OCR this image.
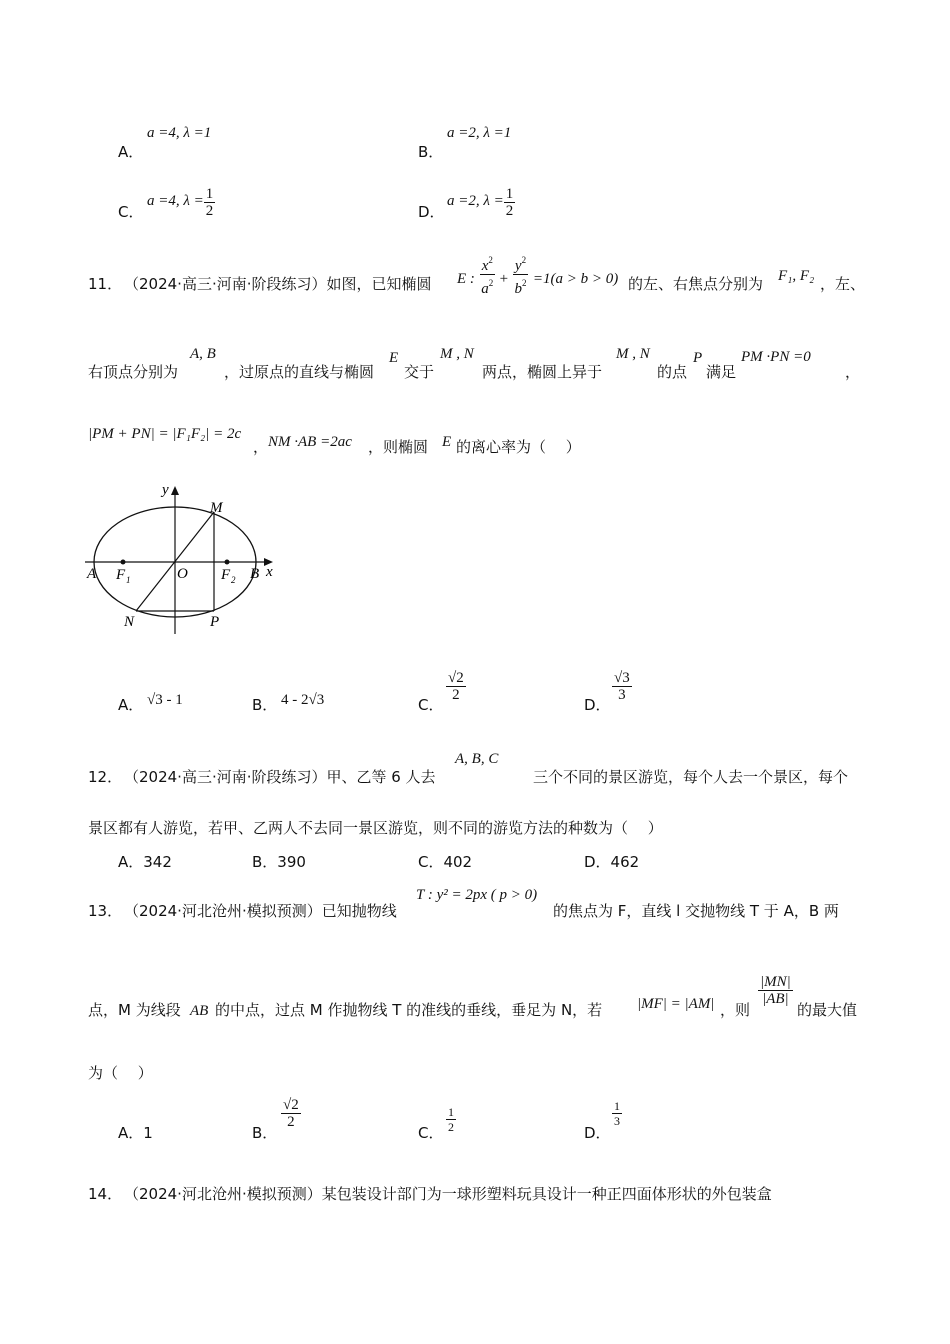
A．
a =4, λ =1
B．
a =2, λ =1
C．
a =4, $\lambda = \frac{1}{2}$	D．
a =2, $\lambda = \frac{1}{2}$
11． （2024·高三·河南·阶段练习）如图，已知椭圆 E : $\frac{x^2}{a^2} + \frac{y^2}{b^2} =1(a > b > 0)$ 的左、右焦点分别为 F₁, F₂ ，左、
右顶点分别为
A, B
，过原点的直线与椭圆
E
交于
M , N
两点，椭圆上异于
M , N
的点
P
满足
PM ·PN =0
，
|PM + PN| = |F₁F₂| = 2c
， NM ·AB =2ac ，则椭圆 E 的离心率为（　 ）
y
x
M
N	P
A	B
O
F 1	F 2
A． √3 - 1	B． 4 - 2√3	C．
√2
2
D．
√3
3
12． （2024·高三·河南·阶段练习）甲、乙等 6 人去
A, B, C
三个不同的景区游览，每个人去一个景区，每个
景区都有人游览，若甲、乙两人不去同一景区游览，则不同的游览方法的种数为（　 ）
A．342	B．390	C．402	D．462
13． （2024·河北沧州·模拟预测）已知抛物线
T : y² = 2px ( p > 0)
的焦点为 F，直线 l 交抛物线 T 于 A，B 两
点，M 为线段 AB 的中点，过点 M 作抛物线 T 的准线的垂线，垂足为 N，若 |MF| = |AM| ，则
|MN|
|AB|
的最大值
为（　 ）
A．1	B．
√2
2
C．
1
2	D．
1
3
14． （2024·河北沧州·模拟预测）某包装设计部门为一球形塑料玩具设计一种正四面体形状的外包装盒
